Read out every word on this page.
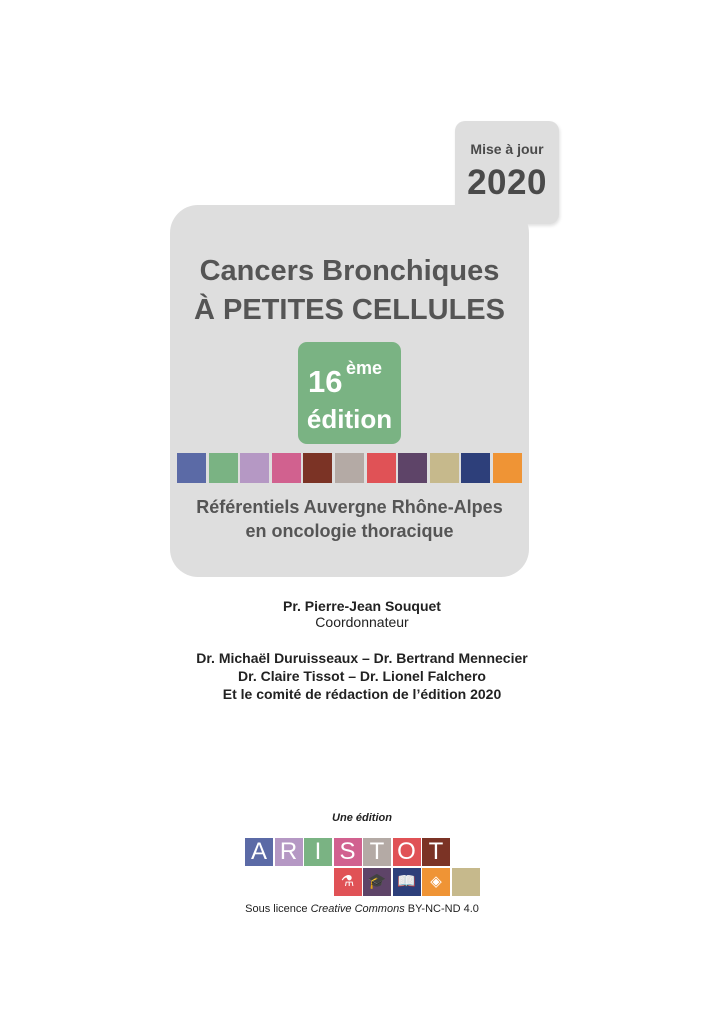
Mise à jour
2020
Cancers Bronchiques
À PETITES CELLULES
16 ème
édition
Référentiels Auvergne Rhône-Alpes
en oncologie thoracique
Pr. Pierre-Jean Souquet
Coordonnateur
Dr. Michaël Duruisseaux – Dr. Bertrand Mennecier
Dr. Claire Tissot – Dr. Lionel Falchero
Et le comité de rédaction de l’édition 2020
Une édition
A R I S T O T
⚗ 🎓 📖 ◈
Sous licence Creative Commons BY-NC-ND 4.0
